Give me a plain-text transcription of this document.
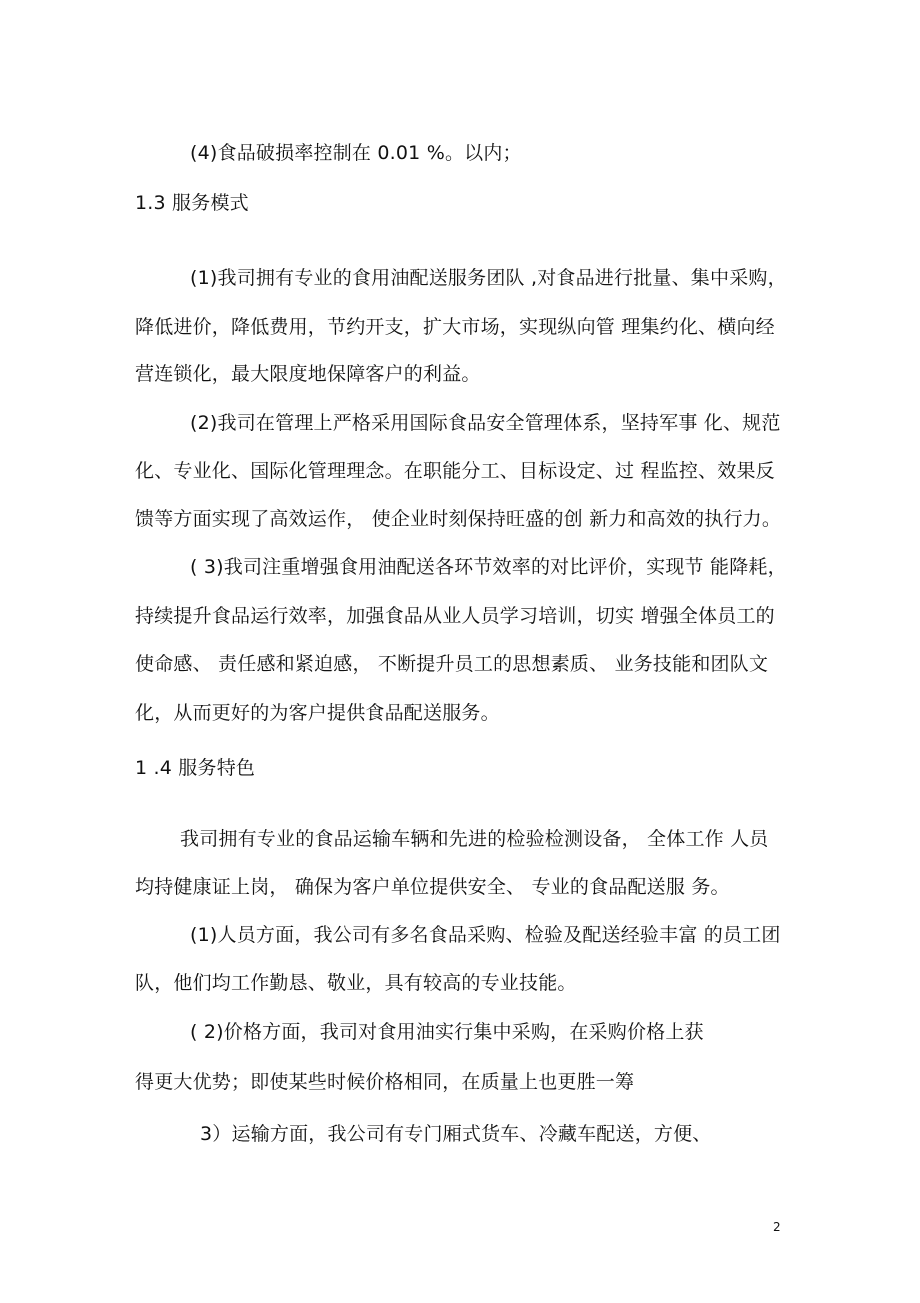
(4)食品破损率控制在 0.01 %。以内；
1.3 服务模式
(1)我司拥有专业的食用油配送服务团队 ,对食品进行批量、集中采购，
降低进价，降低费用，节约开支，扩大市场，实现纵向管 理集约化、横向经
营连锁化，最大限度地保障客户的利益。
(2)我司在管理上严格采用国际食品安全管理体系，坚持军事 化、规范
化、专业化、国际化管理理念。在职能分工、目标设定、过 程监控、效果反
馈等方面实现了高效运作， 使企业时刻保持旺盛的创 新力和高效的执行力。
( 3)我司注重增强食用油配送各环节效率的对比评价，实现节 能降耗，
持续提升食品运行效率，加强食品从业人员学习培训，切实 增强全体员工的
使命感、 责任感和紧迫感， 不断提升员工的思想素质、 业务技能和团队文
化，从而更好的为客户提供食品配送服务。
1 .4 服务特色
我司拥有专业的食品运输车辆和先进的检验检测设备， 全体工作 人员
均持健康证上岗， 确保为客户单位提供安全、 专业的食品配送服 务。
(1)人员方面，我公司有多名食品采购、检验及配送经验丰富 的员工团
队，他们均工作勤恳、敬业，具有较高的专业技能。
( 2)价格方面，我司对食用油实行集中采购，在采购价格上获
得更大优势；即使某些时候价格相同，在质量上也更胜一筹
3）运输方面，我公司有专门厢式货车、冷藏车配送，方便、
2
